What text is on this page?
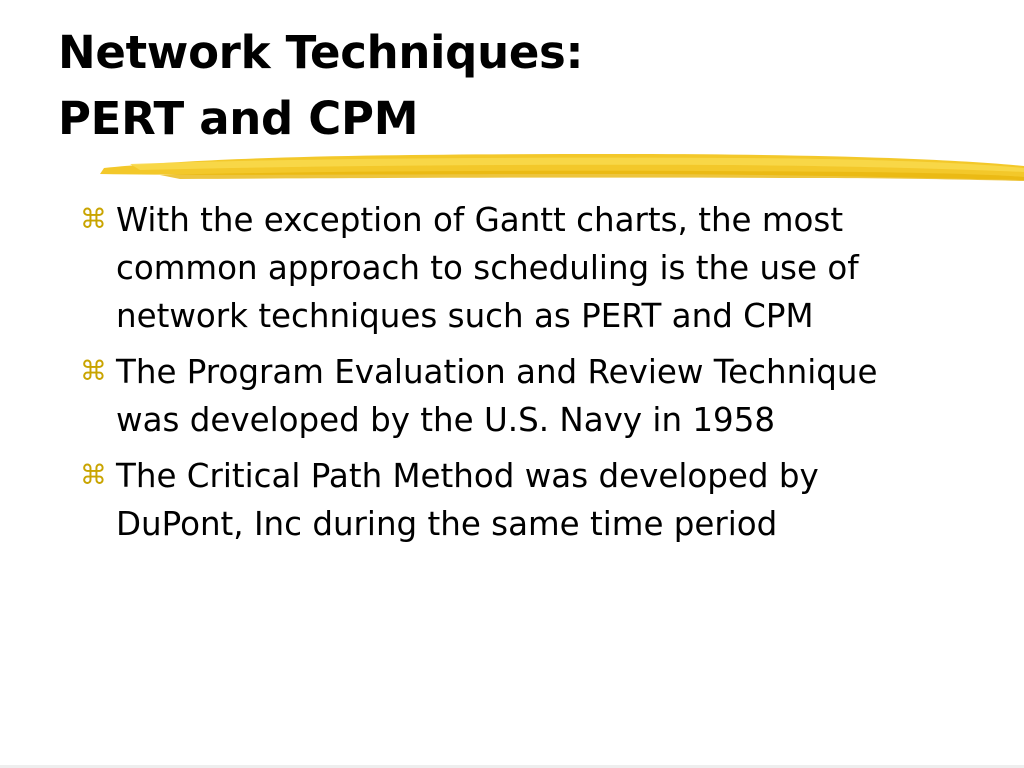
Network Techniques:
PERT and CPM
⌘ With the exception of Gantt charts, the most common approach to scheduling is the use of network techniques such as PERT and CPM
⌘ The Program Evaluation and Review Technique was developed by the U.S. Navy in 1958
⌘ The Critical Path Method was developed by DuPont, Inc during the same time period
